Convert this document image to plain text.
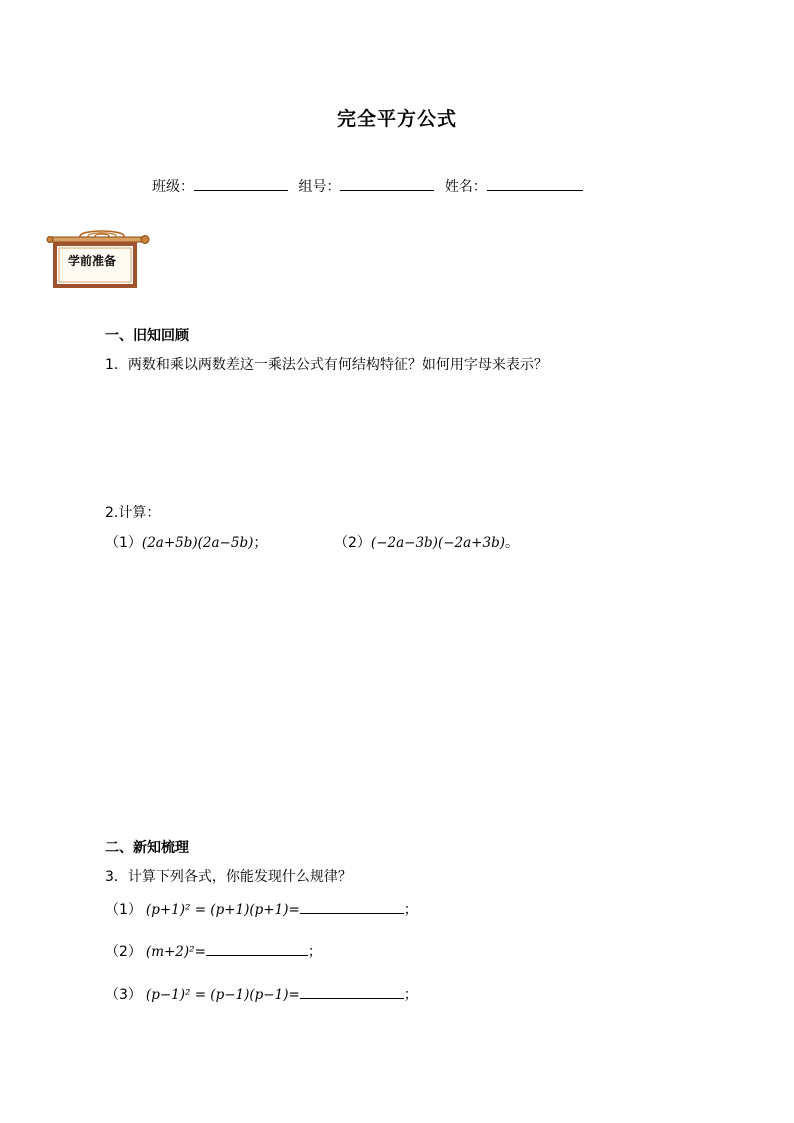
完全平方公式
班级：	组号：	姓名：
学前准备
一、旧知回顾
1．两数和乘以两数差这一乘法公式有何结构特征？如何用字母来表示？
2.计算：
（1）(2a+5b)(2a−5b)；	（2）(−2a−3b)(−2a+3b)。
二、新知梳理
3．计算下列各式，你能发现什么规律？
（1） (p+1)² = (p+1)(p+1)=	；
（2） (m+2)²=	；
（3） (p−1)² = (p−1)(p−1)=	；
